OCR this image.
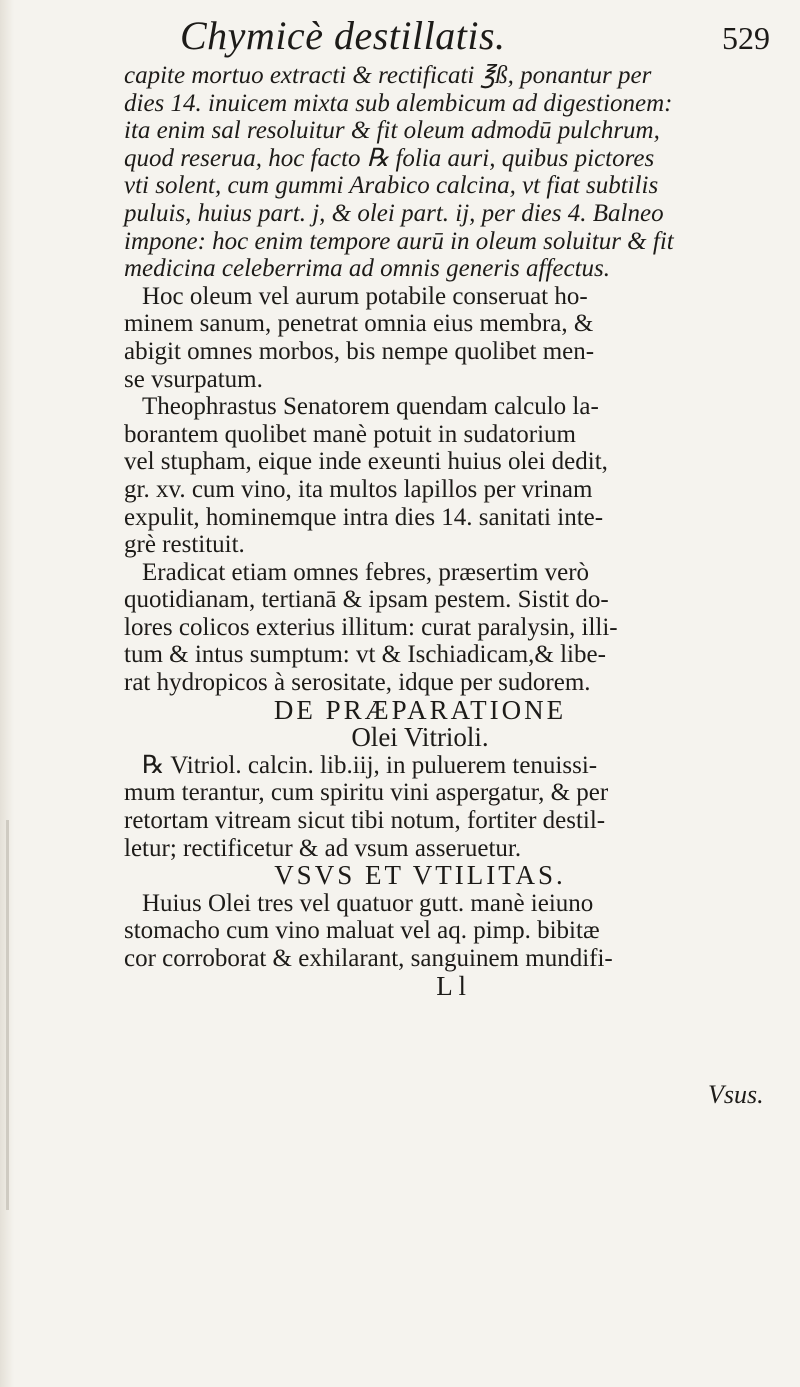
Chymicè destillatis.	529
capite mortuo extracti & rectificati ℥ß, ponantur per
dies 14. inuicem mixta sub alembicum ad digestionem:
ita enim sal resoluitur & fit oleum admodū pulchrum,
quod reserua, hoc facto ℞ folia auri, quibus pictores
vti solent, cum gummi Arabico calcina, vt fiat subtilis
puluis, huius part. j, & olei part. ij, per dies 4. Balneo
impone: hoc enim tempore aurū in oleum soluitur & fit
medicina celeberrima ad omnis generis affectus.
Hoc oleum vel aurum potabile conseruat ho-
minem sanum, penetrat omnia eius membra, &
abigit omnes morbos, bis nempe quolibet men-
se vsurpatum.
Theophrastus Senatorem quendam calculo la-
borantem quolibet manè potuit in sudatorium
vel stupham, eique inde exeunti huius olei dedit,
gr. xv. cum vino, ita multos lapillos per vrinam
expulit, hominemque intra dies 14. sanitati inte-
grè restituit.
Eradicat etiam omnes febres, præsertim verò
quotidianam, tertianā & ipsam pestem. Sistit do-
lores colicos exterius illitum: curat paralysin, illi-
tum & intus sumptum: vt & Ischiadicam,& libe-
rat hydropicos à serositate, idque per sudorem.
DE PRÆPARATIONE
Olei Vitrioli.
℞ Vitriol. calcin. lib.iij, in puluerem tenuissi-
mum terantur, cum spiritu vini aspergatur, & per
retortam vitream sicut tibi notum, fortiter destil-
letur; rectificetur & ad vsum asseruetur.
VSVS ET VTILITAS.
Huius Olei tres vel quatuor gutt. manè ieiuno
stomacho cum vino maluat vel aq. pimp. bibitæ
cor corroborat & exhilarant, sanguinem mundifi-
L l
Vsus.
